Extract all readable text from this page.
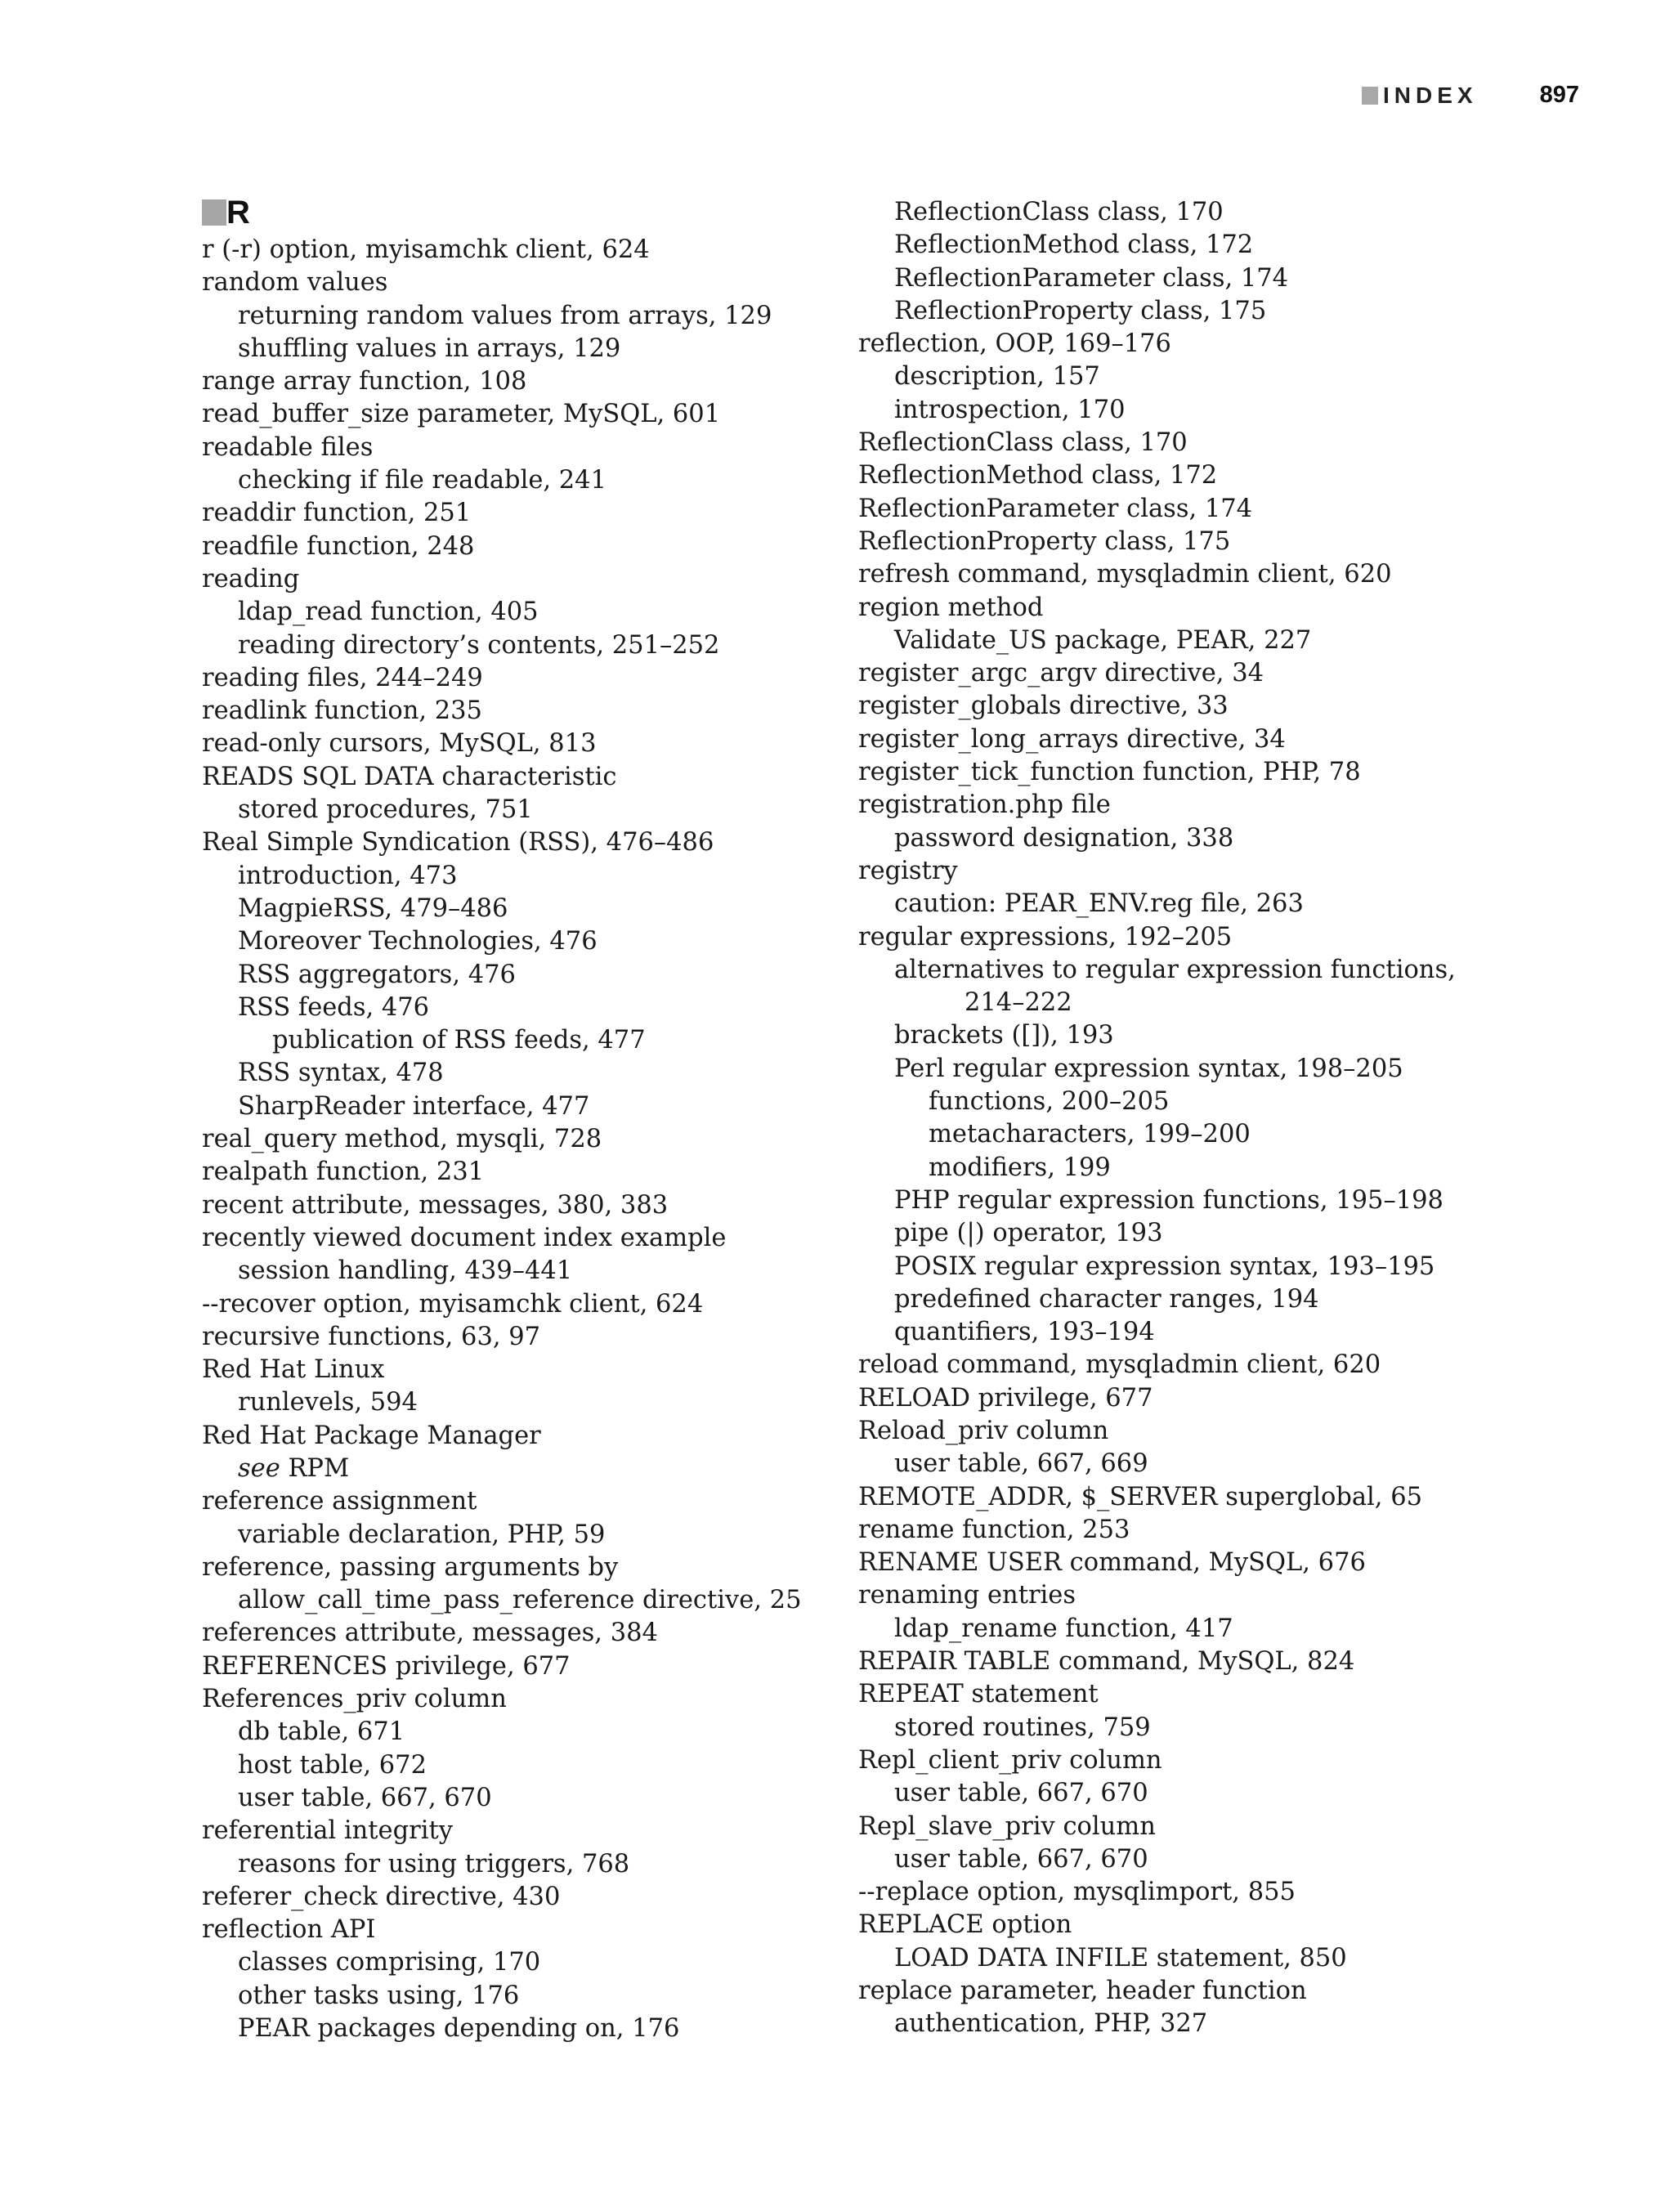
INDEX	897
R
r (-r) option, myisamchk client, 624
random values
returning random values from arrays, 129
shuffling values in arrays, 129
range array function, 108
read_buffer_size parameter, MySQL, 601
readable files
checking if file readable, 241
readdir function, 251
readfile function, 248
reading
ldap_read function, 405
reading directory’s contents, 251–252
reading files, 244–249
readlink function, 235
read-only cursors, MySQL, 813
READS SQL DATA characteristic
stored procedures, 751
Real Simple Syndication (RSS), 476–486
introduction, 473
MagpieRSS, 479–486
Moreover Technologies, 476
RSS aggregators, 476
RSS feeds, 476
publication of RSS feeds, 477
RSS syntax, 478
SharpReader interface, 477
real_query method, mysqli, 728
realpath function, 231
recent attribute, messages, 380, 383
recently viewed document index example
session handling, 439–441
--recover option, myisamchk client, 624
recursive functions, 63, 97
Red Hat Linux
runlevels, 594
Red Hat Package Manager
see RPM
reference assignment
variable declaration, PHP, 59
reference, passing arguments by
allow_call_time_pass_reference directive, 25
references attribute, messages, 384
REFERENCES privilege, 677
References_priv column
db table, 671
host table, 672
user table, 667, 670
referential integrity
reasons for using triggers, 768
referer_check directive, 430
reflection API
classes comprising, 170
other tasks using, 176
PEAR packages depending on, 176
ReflectionClass class, 170
ReflectionMethod class, 172
ReflectionParameter class, 174
ReflectionProperty class, 175
reflection, OOP, 169–176
description, 157
introspection, 170
ReflectionClass class, 170
ReflectionMethod class, 172
ReflectionParameter class, 174
ReflectionProperty class, 175
refresh command, mysqladmin client, 620
region method
Validate_US package, PEAR, 227
register_argc_argv directive, 34
register_globals directive, 33
register_long_arrays directive, 34
register_tick_function function, PHP, 78
registration.php file
password designation, 338
registry
caution: PEAR_ENV.reg file, 263
regular expressions, 192–205
alternatives to regular expression functions,
214–222
brackets ([]), 193
Perl regular expression syntax, 198–205
functions, 200–205
metacharacters, 199–200
modifiers, 199
PHP regular expression functions, 195–198
pipe (|) operator, 193
POSIX regular expression syntax, 193–195
predefined character ranges, 194
quantifiers, 193–194
reload command, mysqladmin client, 620
RELOAD privilege, 677
Reload_priv column
user table, 667, 669
REMOTE_ADDR, $_SERVER superglobal, 65
rename function, 253
RENAME USER command, MySQL, 676
renaming entries
ldap_rename function, 417
REPAIR TABLE command, MySQL, 824
REPEAT statement
stored routines, 759
Repl_client_priv column
user table, 667, 670
Repl_slave_priv column
user table, 667, 670
--replace option, mysqlimport, 855
REPLACE option
LOAD DATA INFILE statement, 850
replace parameter, header function
authentication, PHP, 327
